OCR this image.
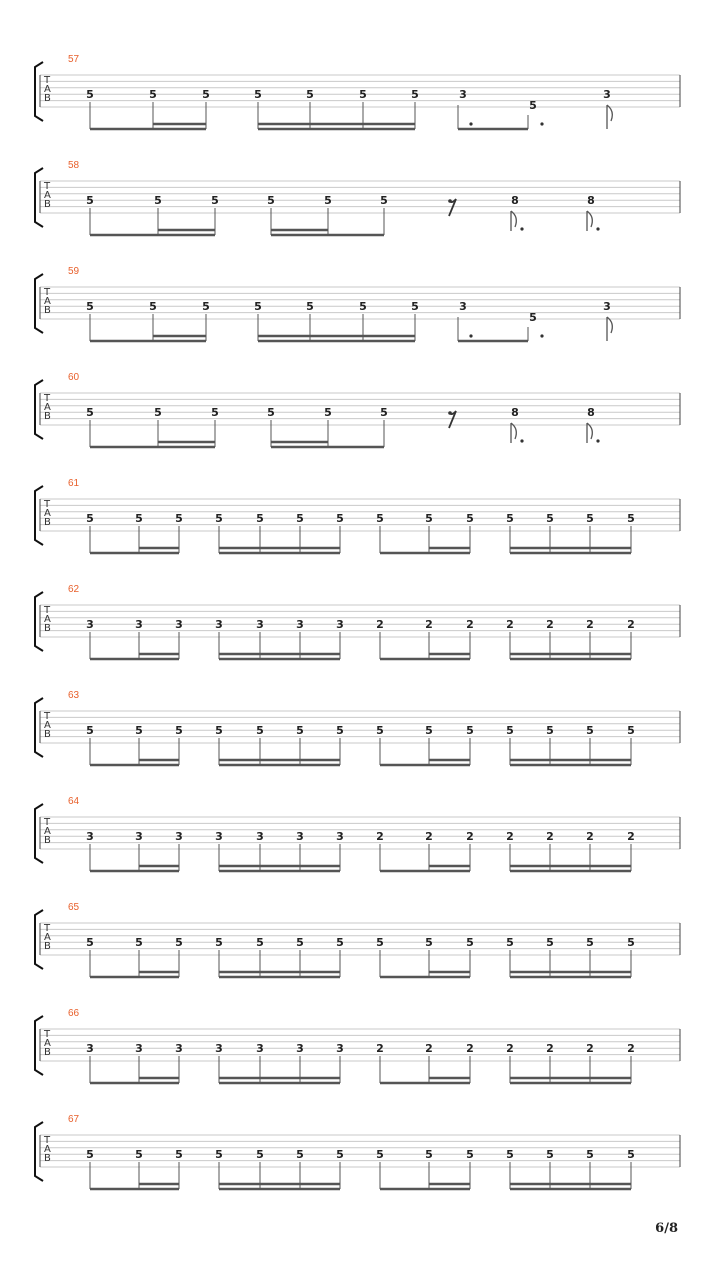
57
T
A
B	5	5	5	5	5	5	5	3
5
3
58
T
A
B	5	5	5	5	5	5	8	8
59
T
A
B	5	5	5	5	5	5	5	3
5
3
60
T
A
B	5	5	5	5	5	5	8	8
61
T
A
B	5	5	5	5	5	5	5	5	5	5	5	5	5	5
62
T
A
B	3	3	3	3	3	3	3	2	2	2	2	2	2	2
63
T
A
B	5	5	5	5	5	5	5	5	5	5	5	5	5	5
64
T
A
B	3	3	3	3	3	3	3	2	2	2	2	2	2	2
65
T
A
B	5	5	5	5	5	5	5	5	5	5	5	5	5	5
66
T
A
B	3	3	3	3	3	3	3	2	2	2	2	2	2	2
67
T
A
B	5	5	5	5	5	5	5	5	5	5	5	5	5	5
6/8
